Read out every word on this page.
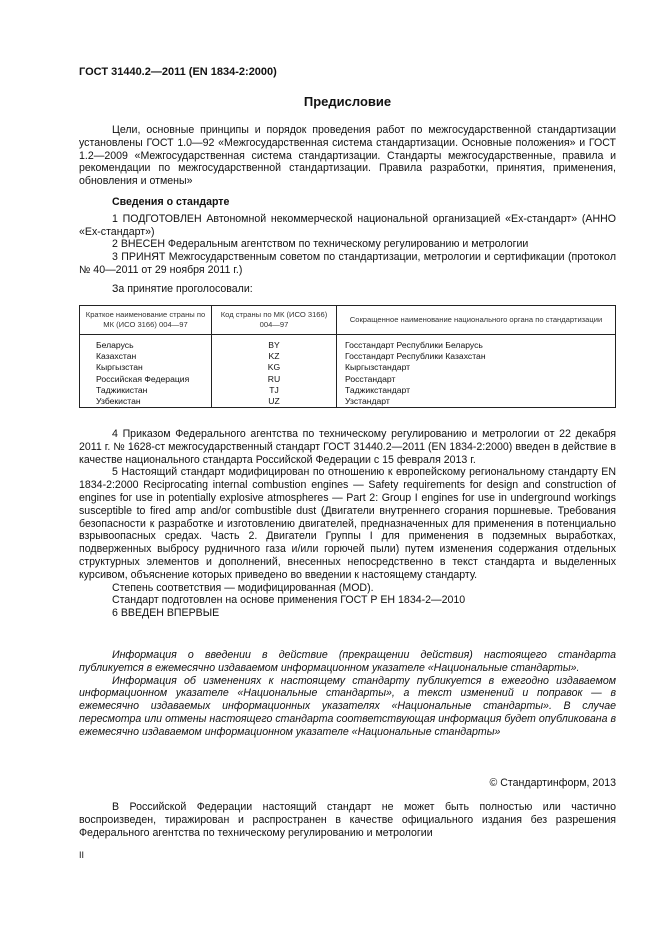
ГОСТ 31440.2—2011 (EN 1834-2:2000)
Предисловие
Цели, основные принципы и порядок проведения работ по межгосударственной стандартизации установлены ГОСТ 1.0—92 «Межгосударственная система стандартизации. Основные положения» и ГОСТ 1.2—2009 «Межгосударственная система стандартизации. Стандарты межгосударственные, правила и рекомендации по межгосударственной стандартизации. Правила разработки, принятия, применения, обновления и отмены»
Сведения о стандарте
1 ПОДГОТОВЛЕН Автономной некоммерческой национальной организацией «Ех-стандарт» (АННО «Ех-стандарт»)
2 ВНЕСЕН Федеральным агентством по техническому регулированию и метрологии
3 ПРИНЯТ Межгосударственным советом по стандартизации, метрологии и сертификации (протокол № 40—2011 от 29 ноября 2011 г.)
За принятие проголосовали:
Краткое наименование страны по МК (ИСО 3166) 004—97	Код страны по МК (ИСО 3166) 004—97	Сокращенное наименование национального органа по стандартизации
Беларусь	BY	Госстандарт Республики Беларусь
Казахстан	KZ	Госстандарт Республики Казахстан
Кыргызстан	KG	Кыргызстандарт
Российская Федерация	RU	Росстандарт
Таджикистан	TJ	Таджикстандарт
Узбекистан	UZ	Узстандарт
4 Приказом Федерального агентства по техническому регулированию и метрологии от 22 декабря 2011 г. № 1628-ст межгосударственный стандарт ГОСТ 31440.2—2011 (EN 1834-2:2000) введен в действие в качестве национального стандарта Российской Федерации с 15 февраля 2013 г.
5 Настоящий стандарт модифицирован по отношению к европейскому региональному стандарту EN 1834-2:2000 Reciprocating internal combustion engines — Safety requirements for design and construction of engines for use in potentially explosive atmospheres — Part 2: Group I engines for use in underground workings susceptible to fired amp and/or combustible dust (Двигатели внутреннего сгорания поршневые. Требования безопасности к разработке и изготовлению двигателей, предназначенных для применения в потенциально взрывоопасных средах. Часть 2. Двигатели Группы I для применения в подземных выработках, подверженных выбросу рудничного газа и/или горючей пыли) путем изменения содержания отдельных структурных элементов и дополнений, внесенных непосредственно в текст стандарта и выделенных курсивом, объяснение которых приведено во введении к настоящему стандарту.
Степень соответствия — модифицированная (MOD).
Стандарт подготовлен на основе применения ГОСТ Р ЕН 1834-2—2010
6 ВВЕДЕН ВПЕРВЫЕ
Информация о введении в действие (прекращении действия) настоящего стандарта публикуется в ежемесячно издаваемом информационном указателе «Национальные стандарты».
Информация об изменениях к настоящему стандарту публикуется в ежегодно издаваемом информационном указателе «Национальные стандарты», а текст изменений и поправок — в ежемесячно издаваемых информационных указателях «Национальные стандарты». В случае пересмотра или отмены настоящего стандарта соответствующая информация будет опубликована в ежемесячно издаваемом информационном указателе «Национальные стандарты»
© Стандартинформ, 2013
В Российской Федерации настоящий стандарт не может быть полностью или частично воспроизведен, тиражирован и распространен в качестве официального издания без разрешения Федерального агентства по техническому регулированию и метрологии
II
